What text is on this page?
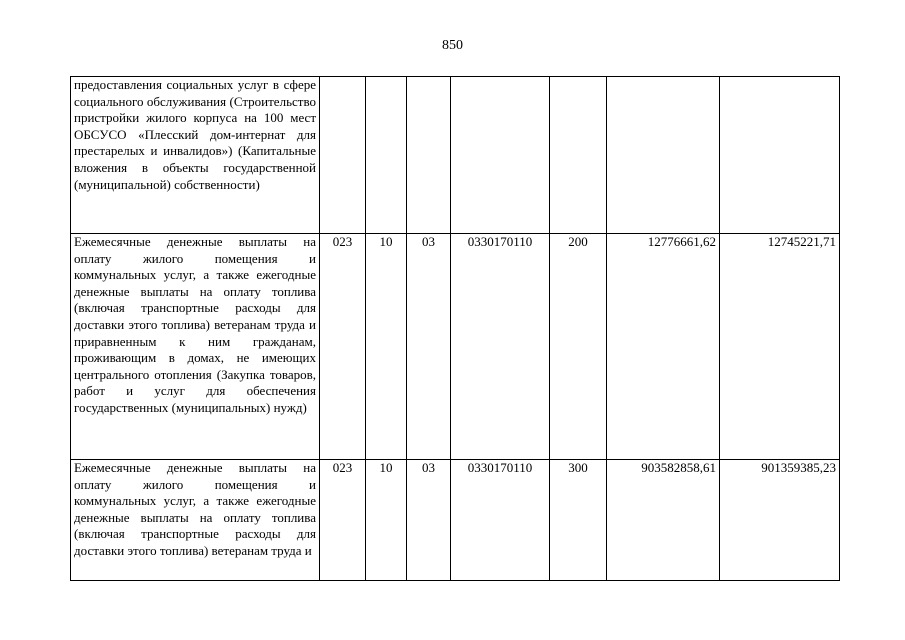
850
предоставления социальных услуг в сфере социального обслуживания (Строительство пристройки жилого корпуса на 100 мест ОБСУСО «Плесский дом-интернат для престарелых и инвалидов») (Капитальные вложения в объекты государственной (муниципальной) собственности)							
Ежемесячные денежные выплаты на оплату жилого помещения и коммунальных услуг, а также ежегодные денежные выплаты на оплату топлива (включая транспортные расходы для доставки этого топлива) ветеранам труда и приравненным к ним гражданам, проживающим в домах, не имеющих центрального отопления (Закупка товаров, работ и услуг для обеспечения государственных (муниципальных) нужд)	023	10	03	0330170110	200	12776661,62	12745221,71
Ежемесячные денежные выплаты на оплату жилого помещения и коммунальных услуг, а также ежегодные денежные выплаты на оплату топлива (включая транспортные расходы для доставки этого топлива) ветеранам труда и	023	10	03	0330170110	300	903582858,61	901359385,23
